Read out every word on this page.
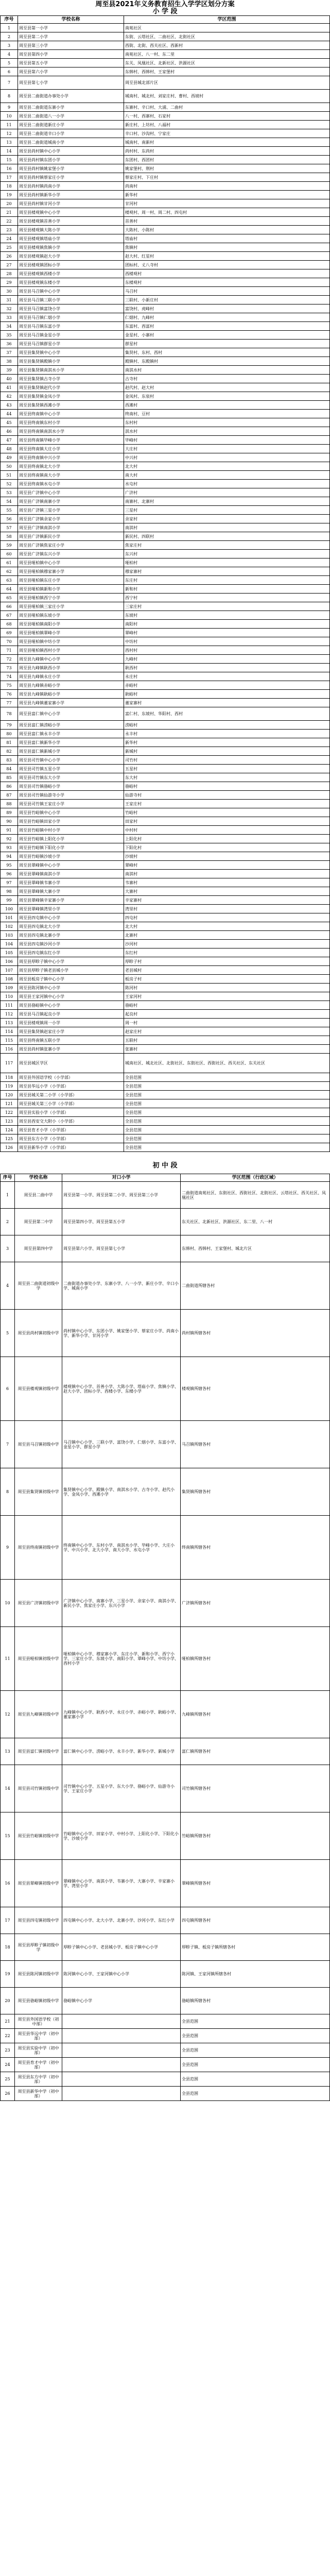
周至县2021年义务教育招生入学学区划分方案
小 学 段
序号	学校名称	学区范围
1	周至县第一小学	南苑社区
2	周至县第二小学	东街、云塔社区、二曲社区、北街社区
3	周至县第三小学	西街、北街、西关社区、西新村
4	周至县第四小学	南苑社区、八一村、东二里
5	周至县第五小学	东关、凤凰社区、北新社区、洪源社区
6	周至县第六小学	东韩村、西韩村、王家堡村
7	周至县第七小学	周至县城北部片区
8	周至县二曲街道办事处小学	城南村、城北村、刘家庄村、曹村、西坡村
9	周至县二曲街道东寨小学	东寨村、辛口村、大浦、二曲村
10	周至县二曲街道八一小学	八一村、西寨村、石家村
11	周至县二曲街道新庄小学	新庄村、上坊村、八福村
12	周至县二曲街道辛口小学	辛口村、沙沟村、宁家庄
13	周至县二曲街道城南小学	城南村、南新村
14	周至县尚村镇中心小学	尚村村、东尚村
15	周至县尚村镇东团小学	东团村、西团村
16	周至县尚村镇姚家堡小学	姚家堡村、荆村
17	周至县尚村镇蔡家庄小学	蔡家庄村、下庄村
18	周至县尚村镇尚南小学	尚南村
19	周至县尚村镇新华小学	新华村
20	周至县尚村镇甘河小学	甘河村
21	周至县楼观镇中心小学	楼观村、周一村、周二村、四屯村
22	周至县楼观镇首善小学	首善村
23	周至县楼观镇大陈小学	大陈村、小陈村
24	周至县楼观镇塔庙小学	塔庙村
25	周至县楼观镇焦镇小学	焦镇村
26	周至县楼观镇赵大小学	赵大村、红星村
27	周至县楼观镇团标小学	团标村、丈八寺村
28	周至县楼观镇西楼小学	西楼观村
29	周至县楼观镇东楼小学	东楼观村
30	周至县马召镇中心小学	马召村
31	周至县马召镇三联小学	三联村、小新庄村
32	周至县马召镇富饶小学	富饶村、虎峰村
33	周至县马召镇仁烟小学	仁烟村、九峰村
34	周至县马召镇东富小学	东富村、西富村
35	周至县马召镇金星小学	金星村、小寨村
36	周至县马召镇群星小学	群星村
37	周至县集贤镇中心小学	集贤村、东村、西村
38	周至县集贤镇殿镇小学	殿镇村、东殿镇村
39	周至县集贤镇南淇水小学	南淇水村
40	周至县集贤镇古寺小学	古寺村
41	周至县集贤镇赵代小学	赵代村、赵大村
42	周至县集贤镇金凤小学	金凤村、东泉村
43	周至县集贤镇西滩小学	西滩村
44	周至县终南镇中心小学	终南村、豆村
45	周至县终南镇东村小学	东村村
46	周至县终南镇南淇水小学	淇水村
47	周至县终南镇毕峰小学	毕峰村
48	周至县终南镇大庄小学	大庄村
49	周至县终南镇中兴小学	中兴村
50	周至县终南镇北大小学	北大村
51	周至县终南镇南大小学	南大村
52	周至县终南镇水屯小学	水屯村
53	周至县广济镇中心小学	广济村
54	周至县广济镇南寨小学	南寨村、北寨村
55	周至县广济镇三星小学	三星村
56	周至县广济镇余家小学	余家村
57	周至县广济镇南淇小学	南淇村
58	周至县广济镇新民小学	新民村、四联村
59	周至县广济镇焦家庄小学	焦家庄村
60	周至县广济镇东兴小学	东兴村
61	周至县哑柏镇中心小学	哑柏村
62	周至县哑柏镇穆家寨小学	穆家寨村
63	周至县哑柏镇东庄小学	东庄村
64	周至县哑柏镇新和小学	新和村
65	周至县哑柏镇西宁小学	西宁村
66	周至县哑柏镇三家庄小学	三家庄村
67	周至县哑柏镇东坡小学	东坡村
68	周至县哑柏镇南阳小学	南阳村
69	周至县哑柏镇翠峰小学	翠峰村
70	周至县哑柏镇中坊小学	中坊村
71	周至县哑柏镇西村小学	西村村
72	周至县九峰镇中心小学	九峰村
73	周至县九峰镇耿西小学	耿西村
74	周至县九峰镇永庄小学	永庄村
75	周至县九峰镇赤峪小学	赤峪村
76	周至县九峰镇耿峪小学	耿峪村
77	周至县九峰镇董家寨小学	董家寨村
78	周至县富仁镇中心小学	富仁村、东坡村、华阳村、西村
79	周至县富仁镇涝峪小学	涝峪村
80	周至县富仁镇永丰小学	永丰村
81	周至县富仁镇新华小学	新华村
82	周至县富仁镇新城小学	新城村
83	周至县司竹镇中心小学	司竹村
84	周至县司竹镇五星小学	五星村
85	周至县司竹镇东大小学	东大村
86	周至县司竹镇骆峪小学	骆峪村
87	周至县司竹镇仙游寺小学	仙游寺村
88	周至县司竹镇王家庄小学	王家庄村
89	周至县竹峪镇中心小学	竹峪村
90	周至县竹峪镇田家小学	田家村
91	周至县竹峪镇中村小学	中村村
92	周至县竹峪镇上阳化小学	上阳化村
93	周至县竹峪镇下阳化小学	下阳化村
94	周至县竹峪镇沙坡小学	沙坡村
95	周至县翠峰镇中心小学	翠峰村
96	周至县翠峰镇南淇小学	南淇村
97	周至县翠峰镇韦寨小学	韦寨村
98	周至县翠峰镇大寨小学	大寨村
99	周至县翠峰镇辛家寨小学	辛家寨村
100	周至县翠峰镇湾里小学	湾里村
101	周至县四屯镇中心小学	四屯村
102	周至县四屯镇北大小学	北大村
103	周至县四屯镇北寨小学	北寨村
104	周至县四屯镇沙河小学	沙河村
105	周至县四屯镇东红小学	东红村
106	周至县厚畛子镇中心小学	厚畛子村
107	周至县厚畛子镇老县城小学	老县城村
108	周至县板房子镇中心小学	板房子村
109	周至县陈河镇中心小学	陈河村
110	周至县王家河镇中心小学	王家河村
111	周至县骆峪镇中心小学	骆峪村
112	周至县马召镇起良小学	起良村
113	周至县楼观镇周一小学	周一村
114	周至县集贤镇赵家庄小学	赵家庄村
115	周至县终南镇五联小学	五联村
116	周至县尚村镇张寨小学	张寨村
117	周至县城区学区	城南社区、城北社区、北街社区、东街社区、西街社区、西关社区、东关社区
118	周至县外国语学校（小学部）	全县范围
119	周至县华远小学（小学部）	全县范围
120	周至县城关第二小学（小学部）	全县范围
121	周至县城关第三小学（小学部）	全县范围
122	周至县实验小学（小学部）	全县范围
123	周至县西安交大附小（小学部）	全县范围
124	周至县育才小学（小学部）	全县范围
125	周至县东方小学（小学部）	全县范围
126	周至县新华小学（小学部）	全县范围
初 中 段
序号	学校名称	对口小学	学区范围（行政区域）
1	周至县二曲中学	周至县第一小学、周至县第二小学、周至县第三小学	二曲街道南苑社区、东街社区、西街社区、北街社区、云塔社区、西关社区、凤凰社区
2	周至县第二中学	周至县第四小学、周至县第五小学	东关社区、北新社区、洪源社区、东二里、八一村
3	周至县第四中学	周至县第六小学、周至县第七小学	东韩村、西韩村、王家堡村、城北片区
4	周至县二曲街道初级中学	二曲街道办事处小学、东寨小学、八一小学、新庄小学、辛口小学、城南小学	二曲街道所辖各村
5	周至县尚村镇初级中学	尚村镇中心小学、东团小学、姚家堡小学、蔡家庄小学、尚南小学、新华小学、甘河小学	尚村镇所辖各村
6	周至县楼观镇初级中学	楼观镇中心小学、首善小学、大陈小学、塔庙小学、焦镇小学、赵大小学、团标小学、西楼小学、东楼小学	楼观镇所辖各村
7	周至县马召镇初级中学	马召镇中心小学、三联小学、富饶小学、仁烟小学、东富小学、金星小学、群星小学	马召镇所辖各村
8	周至县集贤镇初级中学	集贤镇中心小学、殿镇小学、南淇水小学、古寺小学、赵代小学、金凤小学、西滩小学	集贤镇所辖各村
9	周至县终南镇初级中学	终南镇中心小学、东村小学、南淇水小学、毕峰小学、大庄小学、中兴小学、北大小学、南大小学、水屯小学	终南镇所辖各村
10	周至县广济镇初级中学	广济镇中心小学、南寨小学、三星小学、余家小学、南淇小学、新民小学、焦家庄小学、东兴小学	广济镇所辖各村
11	周至县哑柏镇初级中学	哑柏镇中心小学、穆家寨小学、东庄小学、新和小学、西宁小学、三家庄小学、东坡小学、南阳小学、翠峰小学、中坊小学、西村小学	哑柏镇所辖各村
12	周至县九峰镇初级中学	九峰镇中心小学、耿西小学、永庄小学、赤峪小学、耿峪小学、董家寨小学	九峰镇所辖各村
13	周至县富仁镇初级中学	富仁镇中心小学、涝峪小学、永丰小学、新华小学、新城小学	富仁镇所辖各村
14	周至县司竹镇初级中学	司竹镇中心小学、五星小学、东大小学、骆峪小学、仙游寺小学、王家庄小学	司竹镇所辖各村
15	周至县竹峪镇初级中学	竹峪镇中心小学、田家小学、中村小学、上阳化小学、下阳化小学、沙坡小学	竹峪镇所辖各村
16	周至县翠峰镇初级中学	翠峰镇中心小学、南淇小学、韦寨小学、大寨小学、辛家寨小学、湾里小学	翠峰镇所辖各村
17	周至县四屯镇初级中学	四屯镇中心小学、北大小学、北寨小学、沙河小学、东红小学	四屯镇所辖各村
18	周至县厚畛子镇初级中学	厚畛子镇中心小学、老县城小学、板房子镇中心小学	厚畛子镇、板房子镇所辖各村
19	周至县陈河镇初级中学	陈河镇中心小学、王家河镇中心小学	陈河镇、王家河镇所辖各村
20	周至县骆峪镇初级中学	骆峪镇中心小学	骆峪镇所辖各村
21	周至县外国语学校（初中部）		全县范围
22	周至县华远中学（初中部）		全县范围
23	周至县实验中学（初中部）		全县范围
24	周至县育才中学（初中部）		全县范围
25	周至县东方中学（初中部）		全县范围
26	周至县新华中学（初中部）		全县范围
